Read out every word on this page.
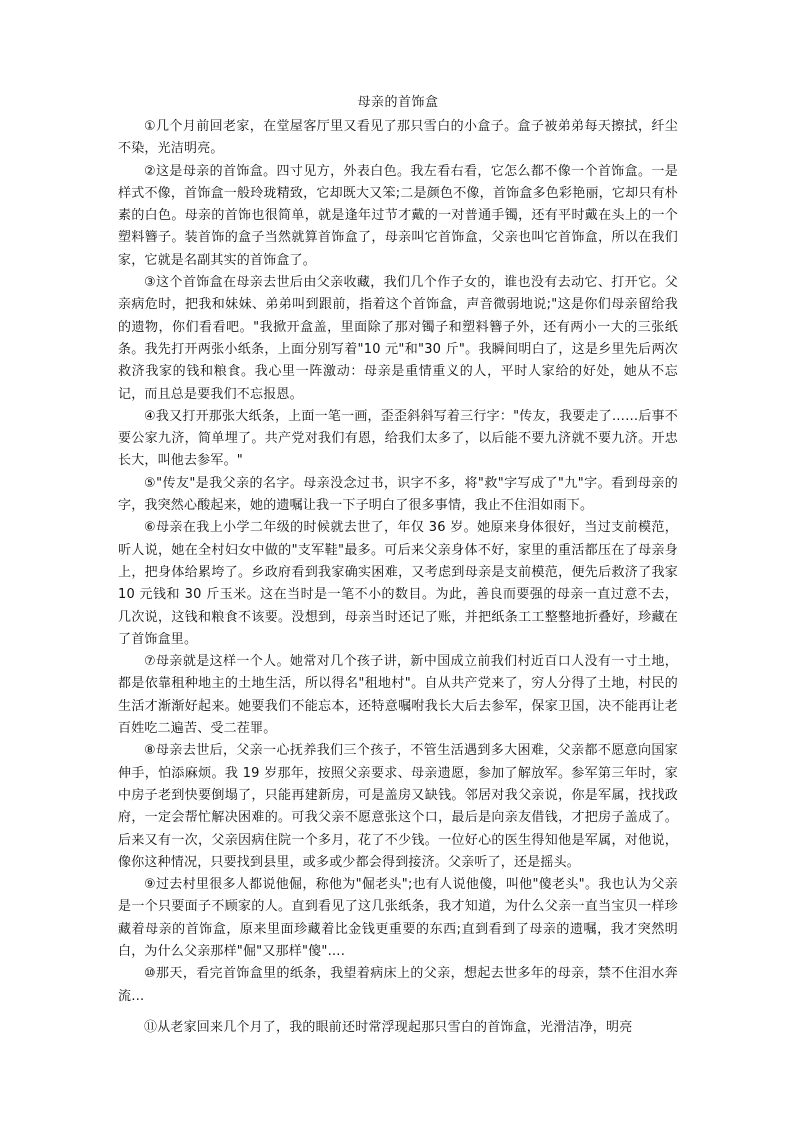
母亲的首饰盒

①几个月前回老家，在堂屋客厅里又看见了那只雪白的小盒子。盒子被弟弟每天擦拭，纤尘不染，光洁明亮。

②这是母亲的首饰盒。四寸见方，外表白色。我左看右看，它怎么都不像一个首饰盒。一是样式不像，首饰盒一般玲珑精致，它却既大又笨;二是颜色不像，首饰盒多色彩艳丽，它却只有朴素的白色。母亲的首饰也很简单，就是逢年过节才戴的一对普通手镯，还有平时戴在头上的一个塑料簪子。装首饰的盒子当然就算首饰盒了，母亲叫它首饰盒，父亲也叫它首饰盒，所以在我们家，它就是名副其实的首饰盒了。

③这个首饰盒在母亲去世后由父亲收藏，我们几个作子女的，谁也没有去动它、打开它。父亲病危时，把我和妹妹、弟弟叫到跟前，指着这个首饰盒，声音微弱地说;"这是你们母亲留给我的遗物，你们看看吧。"我掀开盒盖，里面除了那对镯子和塑料簪子外，还有两小一大的三张纸条。我先打开两张小纸条，上面分别写着"10 元"和"30 斤"。我瞬间明白了，这是乡里先后两次救济我家的钱和粮食。我心里一阵激动：母亲是重情重义的人，平时人家给的好处，她从不忘记，而且总是要我们不忘报恩。

④我又打开那张大纸条，上面一笔一画，歪歪斜斜写着三行字："传友，我要走了……后事不要公家九济，简单埋了。共产党对我们有恩，给我们太多了，以后能不要九济就不要九济。开忠长大，叫他去参军。"

⑤"传友"是我父亲的名字。母亲没念过书，识字不多，将"救"字写成了"九"字。看到母亲的字，我突然心酸起来，她的遗嘱让我一下子明白了很多事情，我止不住泪如雨下。

⑥母亲在我上小学二年级的时候就去世了，年仅 36 岁。她原来身体很好，当过支前模范，听人说，她在全村妇女中做的"支军鞋"最多。可后来父亲身体不好，家里的重活都压在了母亲身上，把身体给累垮了。乡政府看到我家确实困难，又考虑到母亲是支前模范，便先后救济了我家 10 元钱和 30 斤玉米。这在当时是一笔不小的数目。为此，善良而要强的母亲一直过意不去，几次说，这钱和粮食不该要。没想到，母亲当时还记了账，并把纸条工工整整地折叠好，珍藏在了首饰盒里。

⑦母亲就是这样一个人。她常对几个孩子讲，新中国成立前我们村近百口人没有一寸土地，都是依靠租种地主的土地生活，所以得名"租地村"。自从共产党来了，穷人分得了土地，村民的生活才渐渐好起来。她要我们不能忘本，还特意嘱咐我长大后去参军，保家卫国，决不能再让老百姓吃二遍苦、受二茬罪。

⑧母亲去世后，父亲一心抚养我们三个孩子，不管生活遇到多大困难，父亲都不愿意向国家伸手，怕添麻烦。我 19 岁那年，按照父亲要求、母亲遗愿，参加了解放军。参军第三年时，家中房子老到快要倒塌了，只能再建新房，可是盖房又缺钱。邻居对我父亲说，你是军属，找找政府，一定会帮忙解决困难的。可我父亲不愿意张这个口，最后是向亲友借钱，才把房子盖成了。后来又有一次，父亲因病住院一个多月，花了不少钱。一位好心的医生得知他是军属，对他说，像你这种情况，只要找到县里，或多或少都会得到接济。父亲听了，还是摇头。

⑨过去村里很多人都说他倔，称他为"倔老头";也有人说他傻，叫他"傻老头"。我也认为父亲是一个只要面子不顾家的人。直到看见了这几张纸条，我才知道，为什么父亲一直当宝贝一样珍藏着母亲的首饰盒，原来里面珍藏着比金钱更重要的东西;直到看到了母亲的遗嘱，我才突然明白，为什么父亲那样"倔"又那样"傻"….

⑩那天，看完首饰盒里的纸条，我望着病床上的父亲，想起去世多年的母亲，禁不住泪水奔流…

⑪从老家回来几个月了，我的眼前还时常浮现起那只雪白的首饰盒，光滑洁净，明亮
